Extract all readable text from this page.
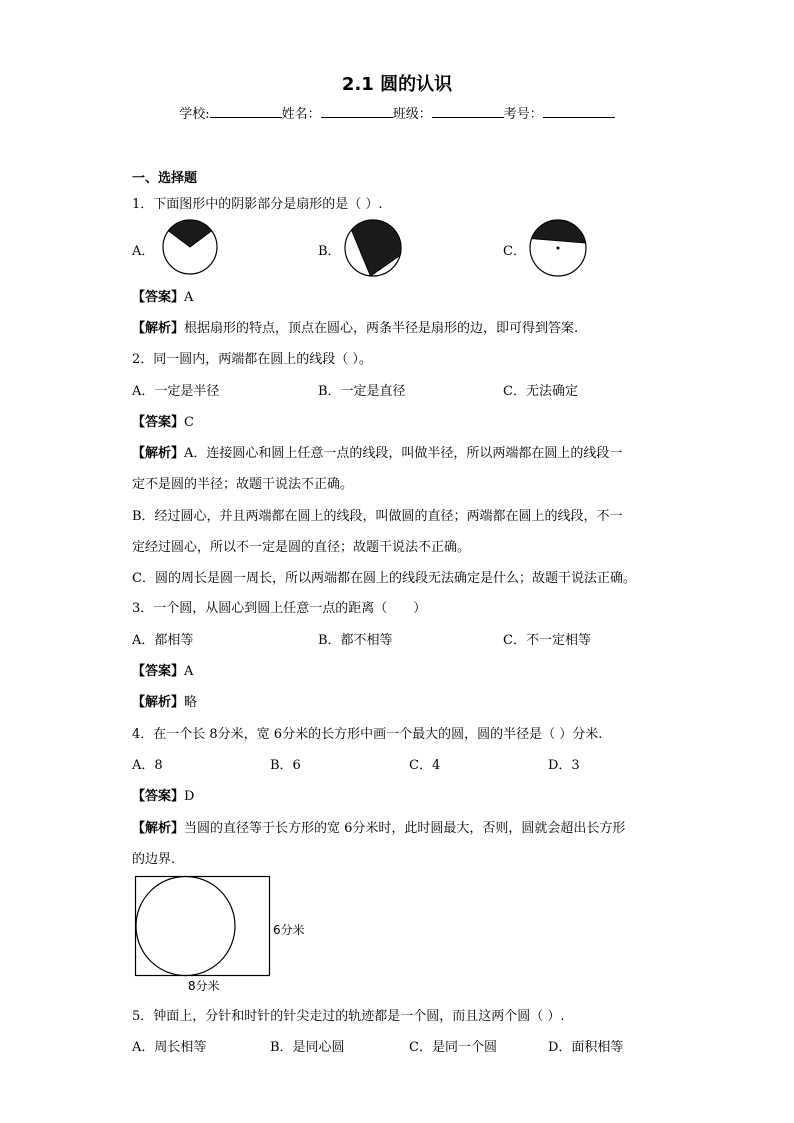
2.1 圆的认识
学校:	姓名：	班级：	考号：
一、选择题
1．下面图形中的阴影部分是扇形的是（ ）.
A．	B．	C．
【答案】A
【解析】根据扇形的特点，顶点在圆心，两条半径是扇形的边，即可得到答案.
2．同一圆内，两端都在圆上的线段（ ）。
A．一定是半径	B．一定是直径	C．无法确定
【答案】C
【解析】A．连接圆心和圆上任意一点的线段，叫做半径，所以两端都在圆上的线段一
定不是圆的半径；故题干说法不正确。
B．经过圆心，并且两端都在圆上的线段，叫做圆的直径；两端都在圆上的线段，不一
定经过圆心，所以不一定是圆的直径；故题干说法不正确。
C．圆的周长是圆一周长，所以两端都在圆上的线段无法确定是什么；故题干说法正确。
3．一个圆，从圆心到圆上任意一点的距离（　　）
A．都相等	B．都不相等	C．不一定相等
【答案】A
【解析】略
4．在一个长 8分米，宽 6分米的长方形中画一个最大的圆，圆的半径是（ ）分米.
A．8	B．6	C．4	D．3
【答案】D
【解析】当圆的直径等于长方形的宽 6分米时，此时圆最大，否则，圆就会超出长方形
的边界.
6分米
8分米
5．钟面上，分针和时针的针尖走过的轨迹都是一个圆，而且这两个圆（ ）.
A．周长相等	B．是同心圆	C．是同一个圆	D．面积相等
